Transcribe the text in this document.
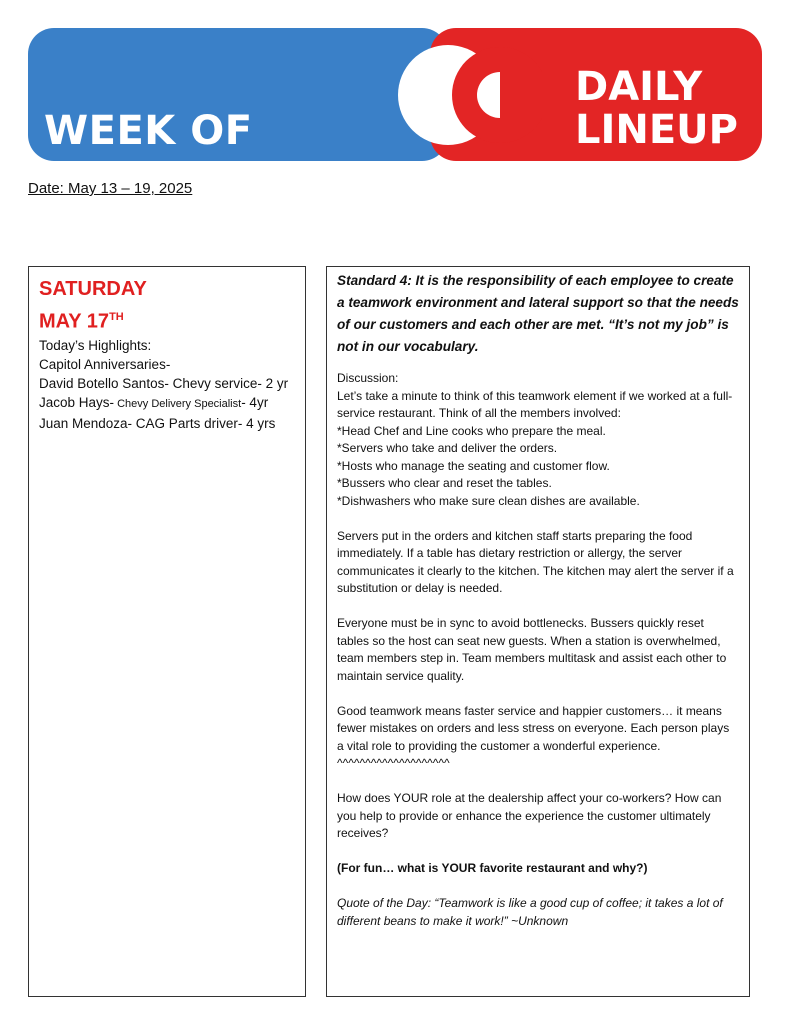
WEEK OF
DAILY
LINEUP
Date: May 13 – 19, 2025
SATURDAY
MAY 17TH
Today’s Highlights:
Capitol Anniversaries-
David Botello Santos- Chevy service- 2 yr
Jacob Hays- Chevy Delivery Specialist- 4yr
Juan Mendoza- CAG Parts driver- 4 yrs

Standard 4: It is the responsibility of each employee to create a teamwork environment and lateral support so that the needs of our customers and each other are met. “It’s not my job” is not in our vocabulary.

Discussion:
Let’s take a minute to think of this teamwork element if we worked at a full-service restaurant. Think of all the members involved:
*Head Chef and Line cooks who prepare the meal.
*Servers who take and deliver the orders.
*Hosts who manage the seating and customer flow.
*Bussers who clear and reset the tables.
*Dishwashers who make sure clean dishes are available.

Servers put in the orders and kitchen staff starts preparing the food immediately. If a table has dietary restriction or allergy, the server communicates it clearly to the kitchen. The kitchen may alert the server if a substitution or delay is needed.

Everyone must be in sync to avoid bottlenecks. Bussers quickly reset tables so the host can seat new guests. When a station is overwhelmed, team members step in. Team members multitask and assist each other to maintain service quality.

Good teamwork means faster service and happier customers… it means fewer mistakes on orders and less stress on everyone. Each person plays a vital role to providing the customer a wonderful experience.
^^^^^^^^^^^^^^^^^^^^

How does YOUR role at the dealership affect your co-workers? How can you help to provide or enhance the experience the customer ultimately receives?

(For fun… what is YOUR favorite restaurant and why?)

Quote of the Day: “Teamwork is like a good cup of coffee; it takes a lot of different beans to make it work!” ~Unknown
